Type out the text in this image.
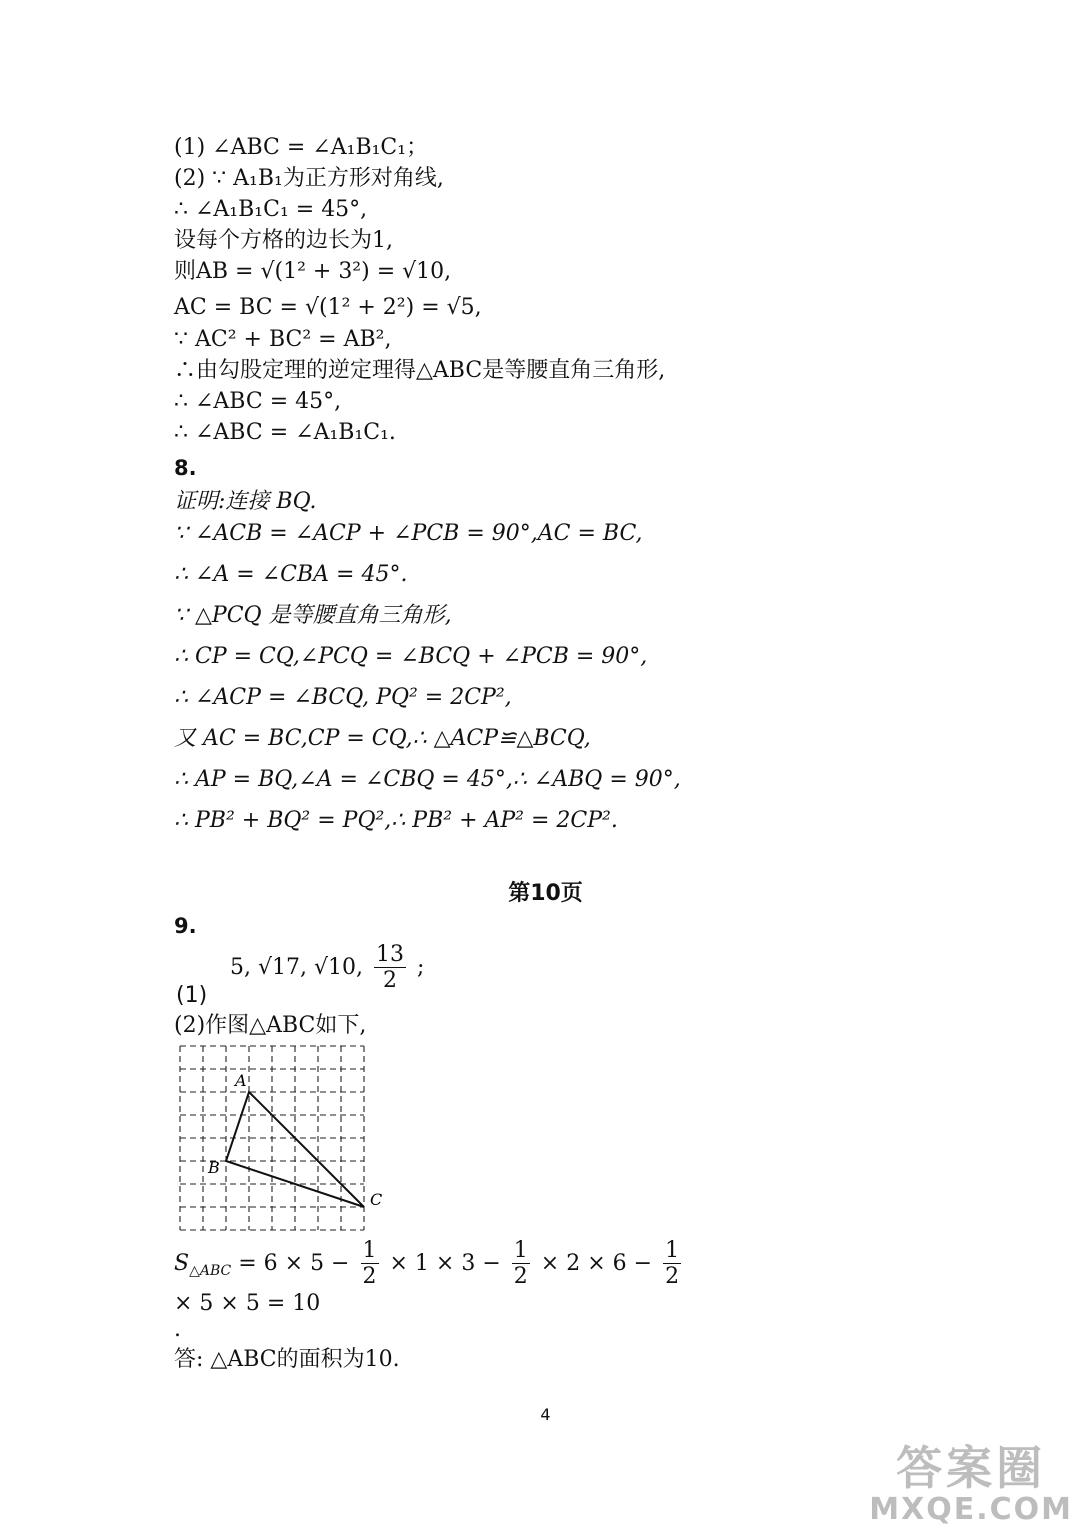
(1) ∠ABC = ∠A₁B₁C₁；
(2) ∵ A₁B₁为正方形对角线,
∴ ∠A₁B₁C₁ = 45°,
设每个方格的边长为1,
则AB = √(1² + 3²) = √10,
AC = BC = √(1² + 2²) = √5,
∵ AC² + BC² = AB²,
∴由勾股定理的逆定理得△ABC是等腰直角三角形,
∴ ∠ABC = 45°,
∴ ∠ABC = ∠A₁B₁C₁.
8.
证明:连接 BQ.
∵ ∠ACB = ∠ACP + ∠PCB = 90°,AC = BC,
∴ ∠A = ∠CBA = 45°.
∵ △PCQ 是等腰直角三角形,
∴ CP = CQ,∠PCQ = ∠BCQ + ∠PCB = 90°,
∴ ∠ACP = ∠BCQ, PQ² = 2CP²,
又 AC = BC,CP = CQ,∴ △ACP≌△BCQ,
∴ AP = BQ,∠A = ∠CBQ = 45°,∴ ∠ABQ = 90°,
∴ PB² + BQ² = PQ²,∴ PB² + AP² = 2CP².
第10页
9.
5, √17, √10, $\frac{13}{2}$ ;
(1)
(2)作图△ABC如下,
A
B
C
$S_{\triangle ABC} = 6 \times 5 - \frac{1}{2} \times 1 \times 3 - \frac{1}{2} \times 2 \times 6 - \frac{1}{2}$
× 5 × 5 = 10
.
答: △ABC的面积为10.
4
答案圈
MXQE.COM
